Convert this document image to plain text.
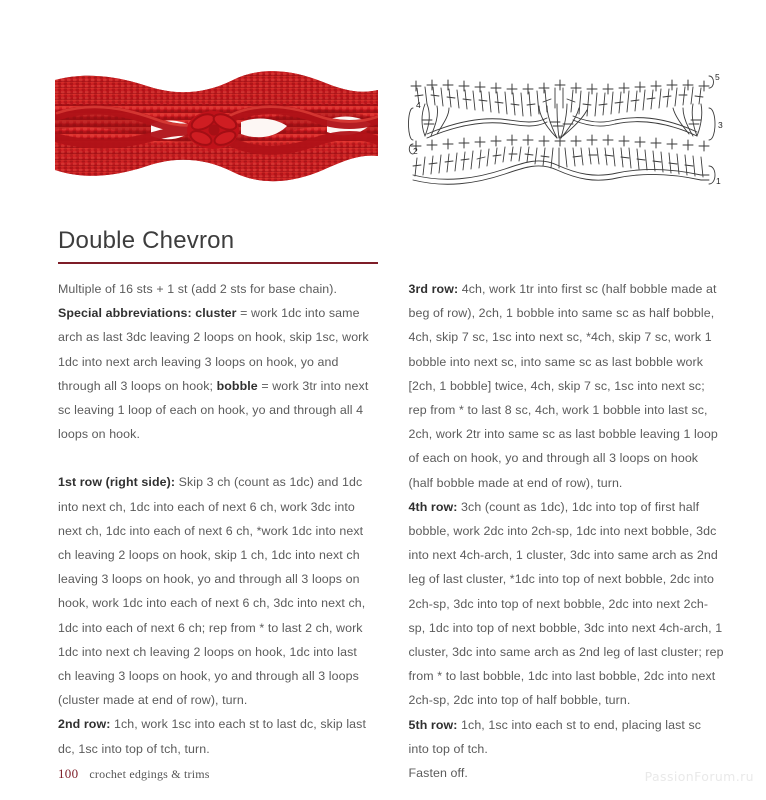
4
2
5
3
1
Double Chevron

Multiple of 16 sts + 1 st (add 2 sts for base chain).

Special abbreviations: cluster = work 1dc into same arch as last 3dc leaving 2 loops on hook, skip 1sc, work 1dc into next arch leaving 3 loops on hook, yo and through all 3 loops on hook; bobble = work 3tr into next sc leaving 1 loop of each on hook, yo and through all 4 loops on hook.

1st row (right side): Skip 3 ch (count as 1dc) and 1dc into next ch, 1dc into each of next 6 ch, work 3dc into next ch, 1dc into each of next 6 ch, *work 1dc into next ch leaving 2 loops on hook, skip 1 ch, 1dc into next ch leaving 3 loops on hook, yo and through all 3 loops on hook, work 1dc into each of next 6 ch, 3dc into next ch, 1dc into each of next 6 ch; rep from * to last 2 ch, work 1dc into next ch leaving 2 loops on hook, 1dc into last ch leaving 3 loops on hook, yo and through all 3 loops (cluster made at end of row), turn.

2nd row: 1ch, work 1sc into each st to last dc, skip last dc, 1sc into top of tch, turn.

3rd row: 4ch, work 1tr into first sc (half bobble made at beg of row), 2ch, 1 bobble into same sc as half bobble, 4ch, skip 7 sc, 1sc into next sc, *4ch, skip 7 sc, work 1 bobble into next sc, into same sc as last bobble work [2ch, 1 bobble] twice, 4ch, skip 7 sc, 1sc into next sc; rep from * to last 8 sc, 4ch, work 1 bobble into last sc, 2ch, work 2tr into same sc as last bobble leaving 1 loop of each on hook, yo and through all 3 loops on hook (half bobble made at end of row), turn.

4th row: 3ch (count as 1dc), 1dc into top of first half bobble, work 2dc into 2ch-sp, 1dc into next bobble, 3dc into next 4ch-arch, 1 cluster, 3dc into same arch as 2nd leg of last cluster, *1dc into top of next bobble, 2dc into 2ch-sp, 3dc into top of next bobble, 2dc into next 2ch-sp, 1dc into top of next bobble, 3dc into next 4ch-arch, 1 cluster, 3dc into same arch as 2nd leg of last cluster; rep from * to last bobble, 1dc into last bobble, 2dc into next 2ch-sp, 2dc into top of half bobble, turn.

5th row: 1ch, 1sc into each st to end, placing last sc into top of tch.

Fasten off.

100 crochet edgings & trims	PassionForum.ru
